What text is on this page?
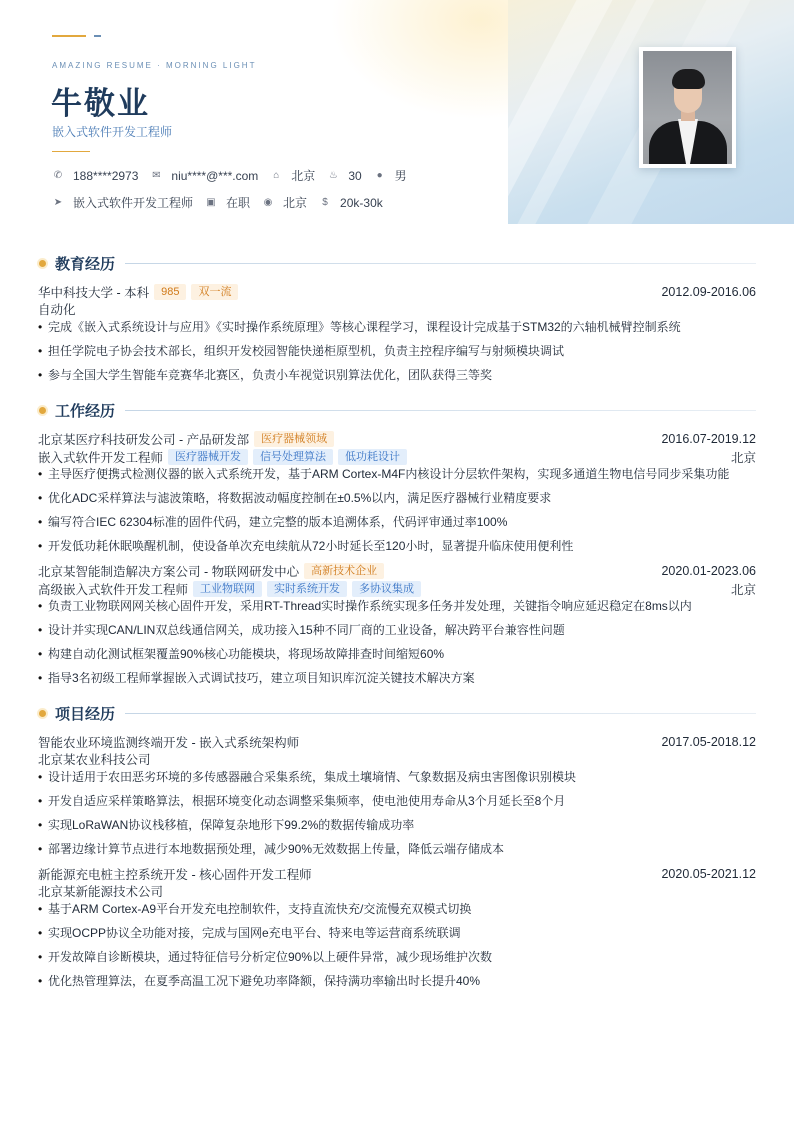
AMAZING RESUME · MORNING LIGHT
牛敬业
嵌入式软件开发工程师
✆ 188****2973 ✉ niu****@***.com ⌂ 北京 ♨ 30 ● 男
➤ 嵌入式软件开发工程师 ▣ 在职 ◉ 北京	$ 20k-30k
教育经历
华中科技大学 - 本科	985	双一流	2012.09-2016.06
自动化
• 完成《嵌入式系统设计与应用》《实时操作系统原理》等核心课程学习，课程设计完成基于STM32的六轴机械臂控制系统
• 担任学院电子协会技术部长，组织开发校园智能快递柜原型机，负责主控程序编写与射频模块调试
• 参与全国大学生智能车竞赛华北赛区，负责小车视觉识别算法优化，团队获得三等奖
工作经历
北京某医疗科技研发公司 - 产品研发部	医疗器械领域	2016.07-2019.12
嵌入式软件开发工程师	医疗器械开发	信号处理算法	低功耗设计	北京
• 主导医疗便携式检测仪器的嵌入式系统开发，基于ARM Cortex-M4F内核设计分层软件架构，实现多通道生物电信号同步采集功能
• 优化ADC采样算法与滤波策略，将数据波动幅度控制在±0.5%以内，满足医疗器械行业精度要求
• 编写符合IEC 62304标准的固件代码，建立完整的版本追溯体系，代码评审通过率100%
• 开发低功耗休眠唤醒机制，使设备单次充电续航从72小时延长至120小时，显著提升临床使用便利性
北京某智能制造解决方案公司 - 物联网研发中心	高新技术企业	2020.01-2023.06
高级嵌入式软件开发工程师	工业物联网	实时系统开发	多协议集成	北京
• 负责工业物联网网关核心固件开发，采用RT-Thread实时操作系统实现多任务并发处理，关键指令响应延迟稳定在8ms以内
• 设计并实现CAN/LIN双总线通信网关，成功接入15种不同厂商的工业设备，解决跨平台兼容性问题
• 构建自动化测试框架覆盖90%核心功能模块，将现场故障排查时间缩短60%
• 指导3名初级工程师掌握嵌入式调试技巧，建立项目知识库沉淀关键技术解决方案
项目经历
智能农业环境监测终端开发 - 嵌入式系统架构师	2017.05-2018.12
北京某农业科技公司
• 设计适用于农田恶劣环境的多传感器融合采集系统，集成土壤墒情、气象数据及病虫害图像识别模块
• 开发自适应采样策略算法，根据环境变化动态调整采集频率，使电池使用寿命从3个月延长至8个月
• 实现LoRaWAN协议栈移植，保障复杂地形下99.2%的数据传输成功率
• 部署边缘计算节点进行本地数据预处理，减少90%无效数据上传量，降低云端存储成本
新能源充电桩主控系统开发 - 核心固件开发工程师	2020.05-2021.12
北京某新能源技术公司
• 基于ARM Cortex-A9平台开发充电控制软件，支持直流快充/交流慢充双模式切换
• 实现OCPP协议全功能对接，完成与国网e充电平台、特来电等运营商系统联调
• 开发故障自诊断模块，通过特征信号分析定位90%以上硬件异常，减少现场维护次数
• 优化热管理算法，在夏季高温工况下避免功率降额，保持满功率输出时长提升40%
